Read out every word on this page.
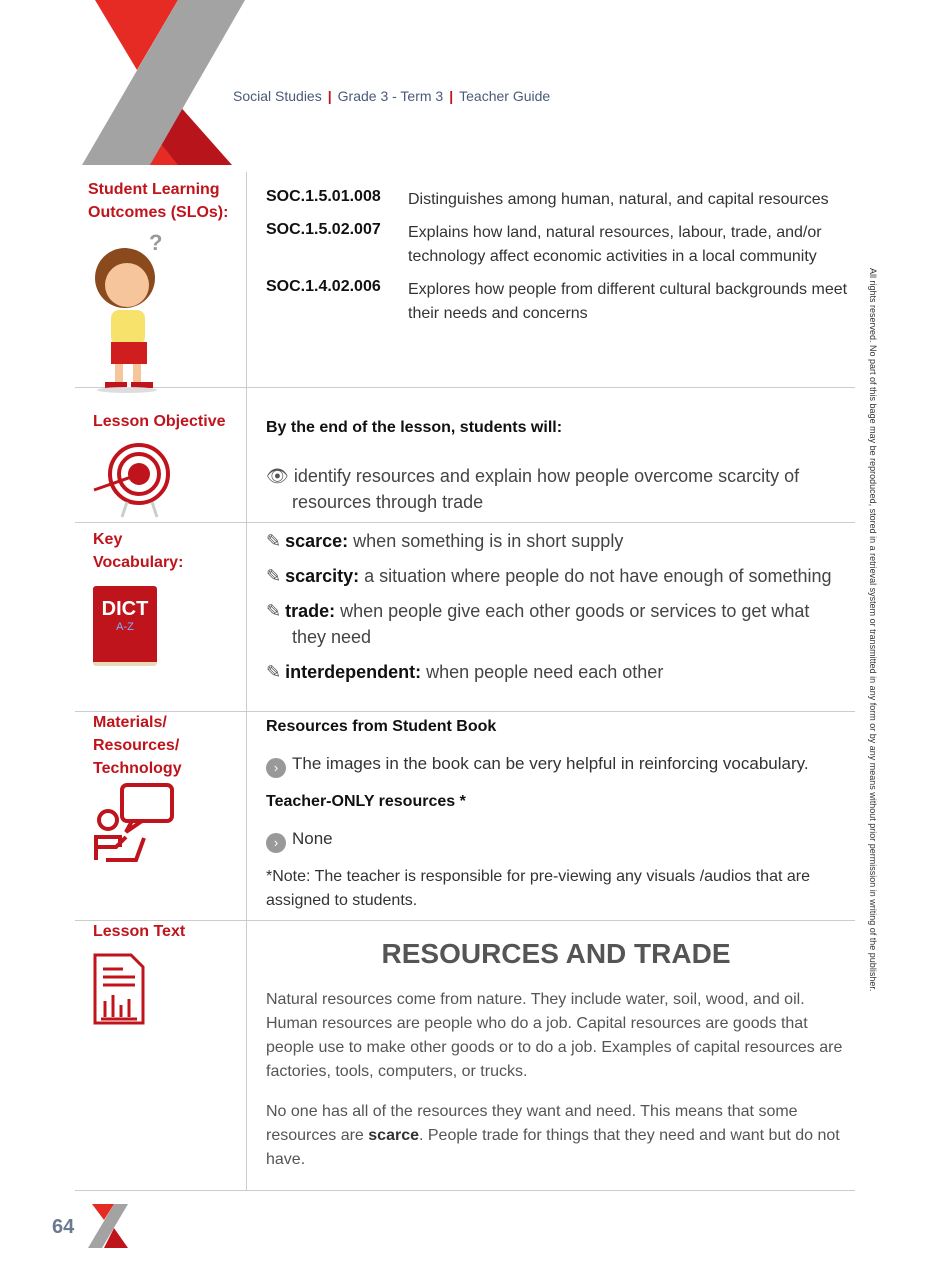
Social Studies | Grade 3 - Term 3 | Teacher Guide
Student Learning Outcomes (SLOs):
?
SOC.1.5.01.008	Distinguishes among human, natural, and capital resources
SOC.1.5.02.007	Explains how land, natural resources, labour, trade, and/or technology affect economic activities in a local community
SOC.1.4.02.006	Explores how people from different cultural backgrounds meet their needs and concerns
Lesson Objective	By the end of the lesson, students will:
👁 identify resources and explain how people overcome scarcity of resources through trade
Key Vocabulary:
DICT
A-Z
✎ scarce: when something is in short supply
✎ scarcity: a situation where people do not have enough of something
✎ trade: when people give each other goods or services to get what they need
✎ interdependent: when people need each other
Materials/ Resources/ Technology
Resources from Student Book
› The images in the book can be very helpful in reinforcing vocabulary.
Teacher-ONLY resources *
› None
*Note: The teacher is responsible for pre-viewing any visuals /audios that are assigned to students.
Lesson Text
RESOURCES AND TRADE
Natural resources come from nature. They include water, soil, wood, and oil. Human resources are people who do a job. Capital resources are goods that people use to make other goods or to do a job. Examples of capital resources are factories, tools, computers, or trucks.
No one has all of the resources they want and need. This means that some resources are scarce. People trade for things that they need and want but do not have.
64
All rights reserved. No part of this bage may be reproduced, stored in a retrieval system or transmitted in any form or by any means without prior permission in writing of the publisher.
